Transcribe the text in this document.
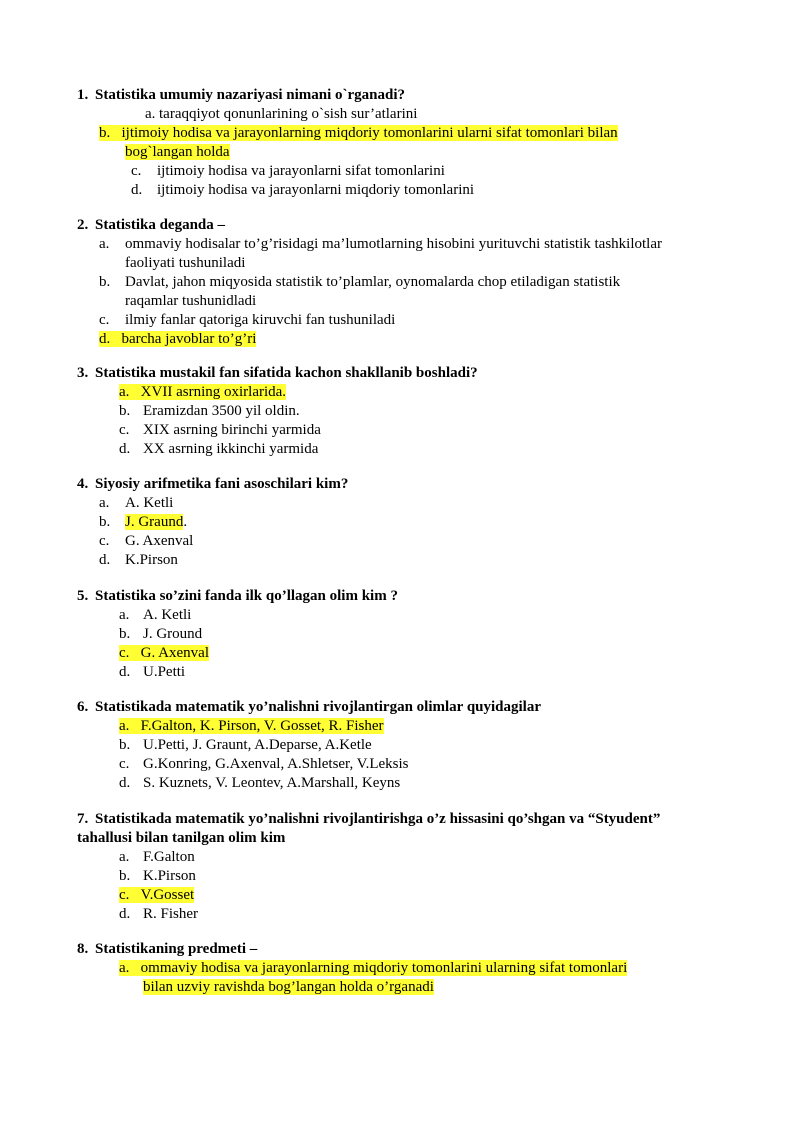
1. Statistika umumiy nazariyasi nimani o`rganadi?
a. taraqqiyot qonunlarining o`sish sur’atlarini
b. ijtimoiy hodisa va jarayonlarning miqdoriy tomonlarini ularni sifat tomonlari bilan
bog`langan holda
c.	ijtimoiy hodisa va jarayonlarni sifat tomonlarini
d. ijtimoiy hodisa va jarayonlarni miqdoriy tomonlarini
2. Statistika deganda –
a.	ommaviy hodisalar to’g’risidagi ma’lumotlarning hisobini yurituvchi statistik tashkilotlar
faoliyati tushuniladi
b. Davlat, jahon miqyosida statistik to’plamlar, oynomalarda chop etiladigan statistik
raqamlar tushunidladi
c.	ilmiy fanlar qatoriga kiruvchi fan tushuniladi
d. barcha javoblar to’g’ri
3. Statistika mustakil fan sifatida kachon shakllanib boshladi?
a. XVII asrning oxirlarida.
b. Eramizdan 3500 yil oldin.
c. XIX asrning birinchi yarmida
d. XX asrning ikkinchi yarmida
4. Siyosiy arifmetika fani asoschilari kim?
a.	A. Ketli
b. J. Graund.
c.	G. Axenval
d. K.Pirson
5. Statistika so’zini fanda ilk qo’llagan olim kim ?
a. A. Ketli
b. J. Ground
c. G. Axenval
d. U.Petti
6. Statistikada matematik yo’nalishni rivojlantirgan olimlar quyidagilar
a. F.Galton, K. Pirson, V. Gosset, R. Fisher
b. U.Petti, J. Graunt, A.Deparse, A.Ketle
c. G.Konring, G.Axenval, A.Shletser, V.Leksis
d. S. Kuznets, V. Leontev, A.Marshall, Keyns
7. Statistikada matematik yo’nalishni rivojlantirishga o’z hissasini qo’shgan va “Styudent”
tahallusi bilan tanilgan olim kim
a. F.Galton
b. K.Pirson
c. V.Gosset
d. R. Fisher
8. Statistikaning predmeti –
a. ommaviy hodisa va jarayonlarning miqdoriy tomonlarini ularning sifat tomonlari
bilan uzviy ravishda bog’langan holda o’rganadi
